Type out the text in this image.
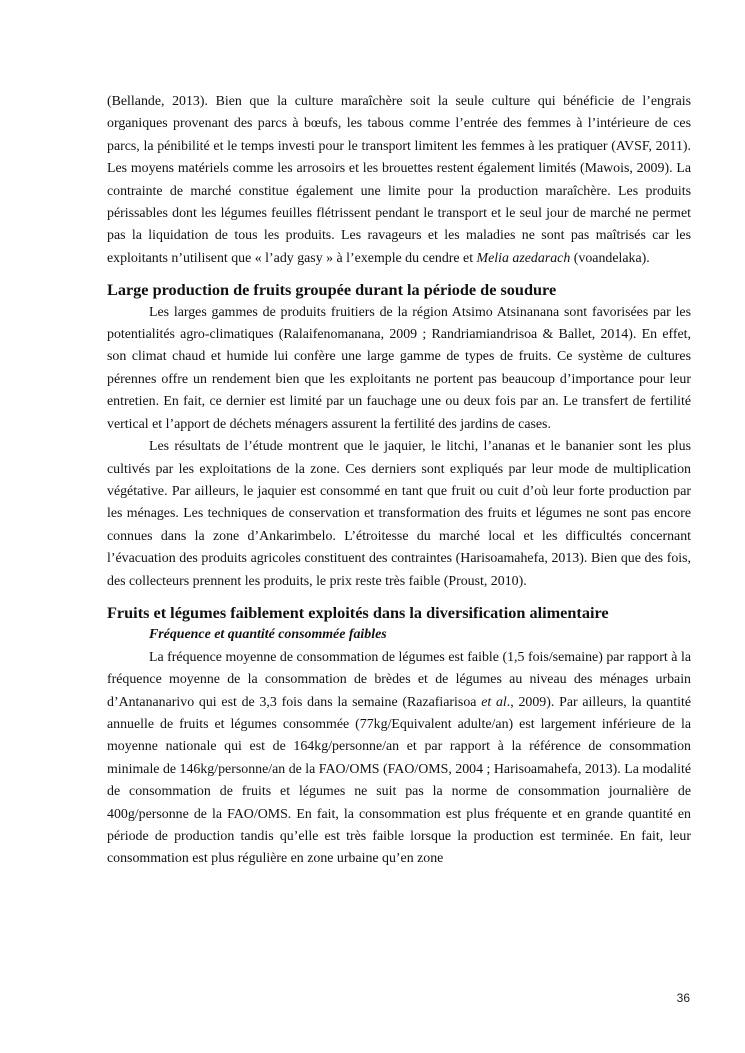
(Bellande, 2013). Bien que la culture maraîchère soit la seule culture qui bénéficie de l’engrais organiques provenant des parcs à bœufs, les tabous comme l’entrée des femmes à l’intérieure de ces parcs, la pénibilité et le temps investi pour le transport limitent les femmes à les pratiquer (AVSF, 2011). Les moyens matériels comme les arrosoirs et les brouettes restent également limités (Mawois, 2009). La contrainte de marché constitue également une limite pour la production maraîchère. Les produits périssables dont les légumes feuilles flétrissent pendant le transport et le seul jour de marché ne permet pas la liquidation de tous les produits. Les ravageurs et les maladies ne sont pas maîtrisés car les exploitants n’utilisent que « l’ady gasy » à l’exemple du cendre et Melia azedarach (voandelaka).

Large production de fruits groupée durant la période de soudure

Les larges gammes de produits fruitiers de la région Atsimo Atsinanana sont favorisées par les potentialités agro-climatiques (Ralaifenomanana, 2009 ; Randriamiandrisoa & Ballet, 2014). En effet, son climat chaud et humide lui confère une large gamme de types de fruits. Ce système de cultures pérennes offre un rendement bien que les exploitants ne portent pas beaucoup d’importance pour leur entretien. En fait, ce dernier est limité par un fauchage une ou deux fois par an. Le transfert de fertilité vertical et l’apport de déchets ménagers assurent la fertilité des jardins de cases.

Les résultats de l’étude montrent que le jaquier, le litchi, l’ananas et le bananier sont les plus cultivés par les exploitations de la zone. Ces derniers sont expliqués par leur mode de multiplication végétative. Par ailleurs, le jaquier est consommé en tant que fruit ou cuit d’où leur forte production par les ménages. Les techniques de conservation et transformation des fruits et légumes ne sont pas encore connues dans la zone d’Ankarimbelo. L’étroitesse du marché local et les difficultés concernant l’évacuation des produits agricoles constituent des contraintes (Harisoamahefa, 2013). Bien que des fois, des collecteurs prennent les produits, le prix reste très faible (Proust, 2010).

Fruits et légumes faiblement exploités dans la diversification alimentaire
Fréquence et quantité consommée faibles

La fréquence moyenne de consommation de légumes est faible (1,5 fois/semaine) par rapport à la fréquence moyenne de la consommation de brèdes et de légumes au niveau des ménages urbain d’Antananarivo qui est de 3,3 fois dans la semaine (Razafiarisoa et al., 2009). Par ailleurs, la quantité annuelle de fruits et légumes consommée (77kg/Equivalent adulte/an) est largement inférieure de la moyenne nationale qui est de 164kg/personne/an et par rapport à la référence de consommation minimale de 146kg/personne/an de la FAO/OMS (FAO/OMS, 2004 ; Harisoamahefa, 2013). La modalité de consommation de fruits et légumes ne suit pas la norme de consommation journalière de 400g/personne de la FAO/OMS. En fait, la consommation est plus fréquente et en grande quantité en période de production tandis qu’elle est très faible lorsque la production est terminée. En fait, leur consommation est plus régulière en zone urbaine qu’en zone

36
